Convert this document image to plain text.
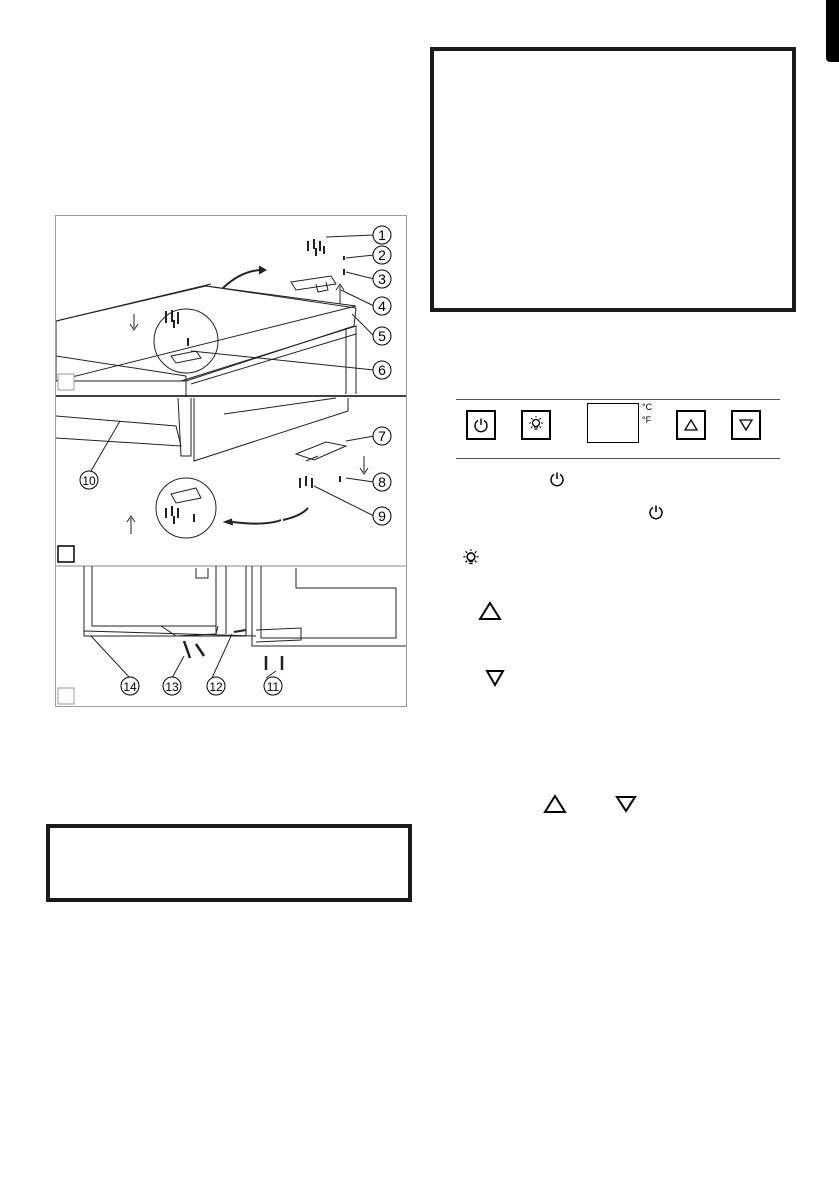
1
2
3
4
5
6
7
8
9
10
11
12
13
14
°C
°F
